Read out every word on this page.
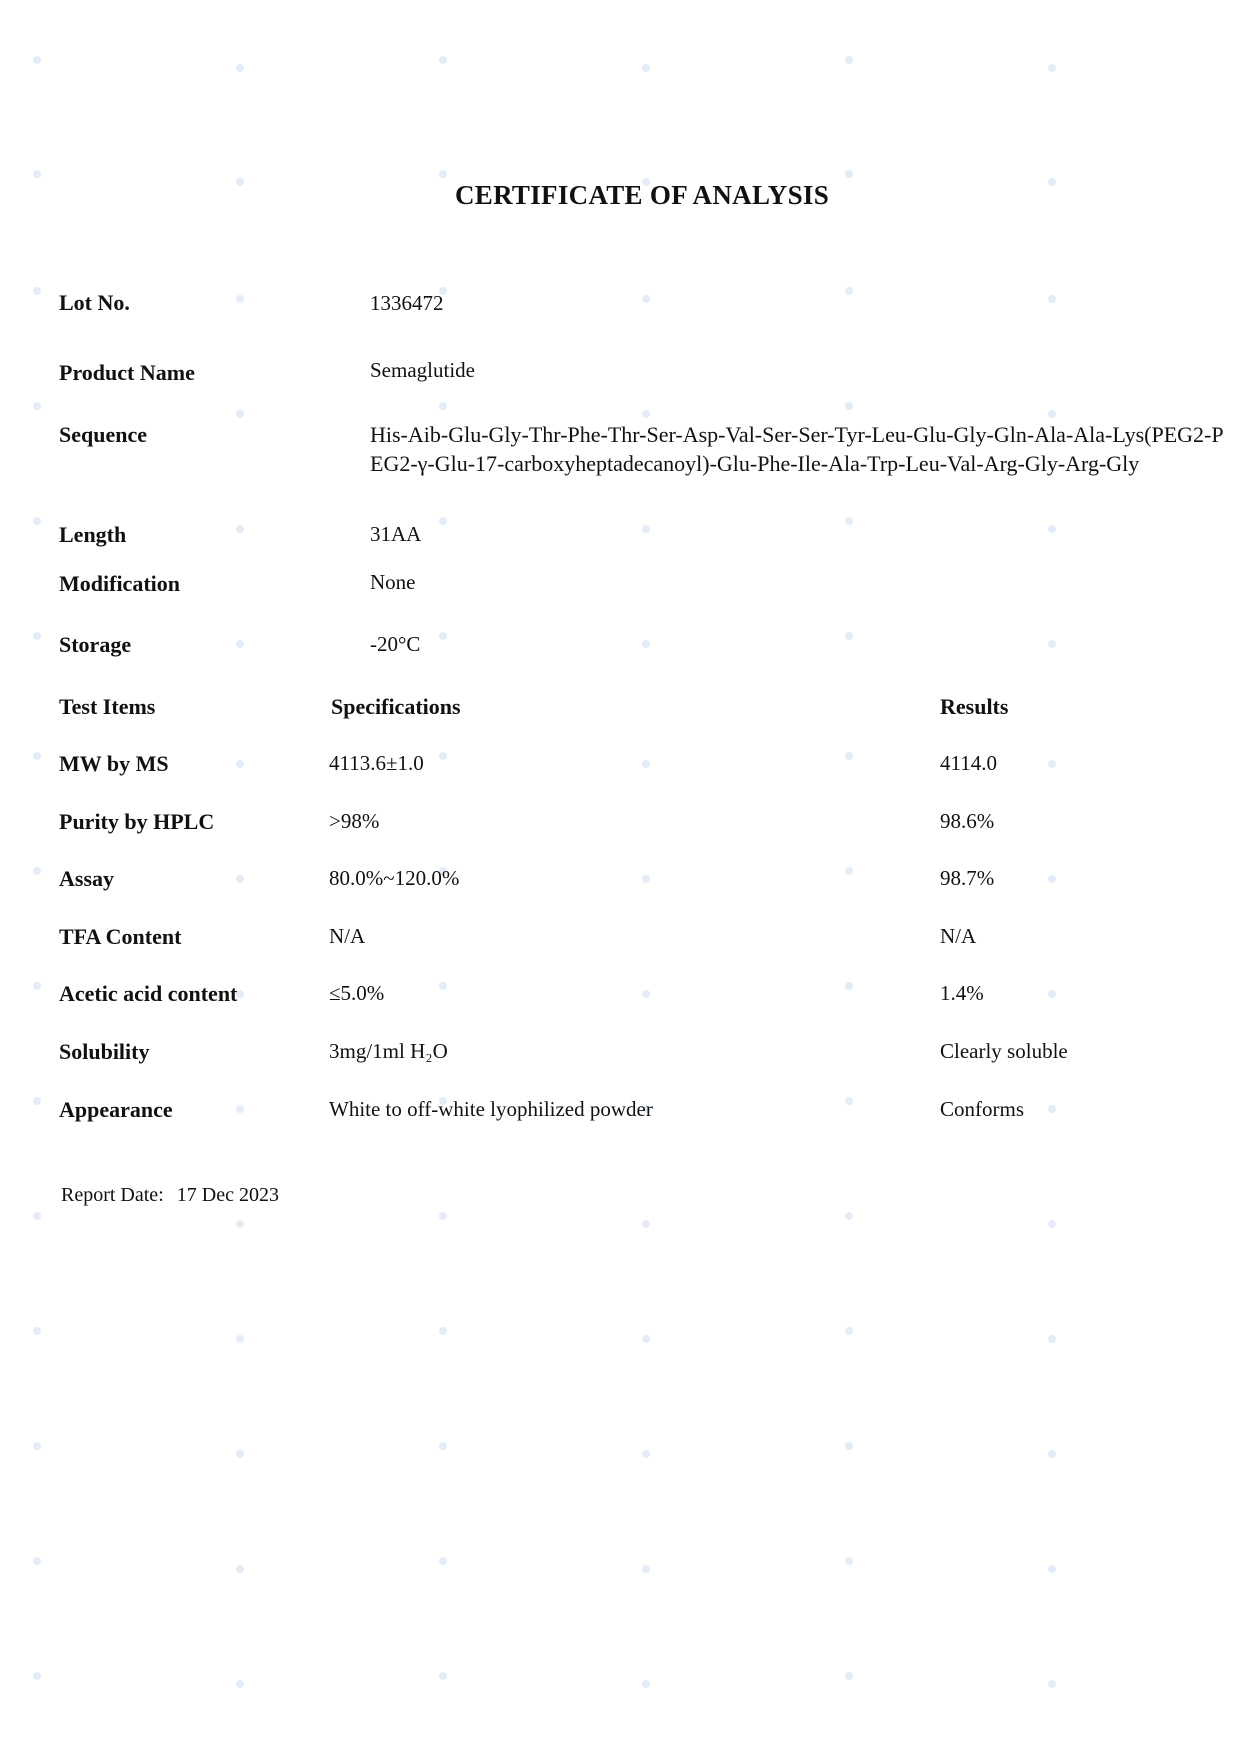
CERTIFICATE OF ANALYSIS
Lot No.	1336472
Product Name	Semaglutide
Sequence	His-Aib-Glu-Gly-Thr-Phe-Thr-Ser-Asp-Val-Ser-Ser-Tyr-Leu-Glu-Gly-Gln-Ala-Ala-Lys(PEG2-PEG2-γ-Glu-17-carboxyheptadecanoyl)-Glu-Phe-Ile-Ala-Trp-Leu-Val-Arg-Gly-Arg-Gly
Length	31AA
Modification	None
Storage	-20°C
Test Items	Specifications	Results
MW by MS	4113.6±1.0	4114.0
Purity by HPLC	>98%	98.6%
Assay	80.0%~120.0%	98.7%
TFA Content	N/A	N/A
Acetic acid content	≤5.0%	1.4%
Solubility	3mg/1ml H₂O	Clearly soluble
Appearance	White to off-white lyophilized powder	Conforms
Report Date: 17 Dec 2023
